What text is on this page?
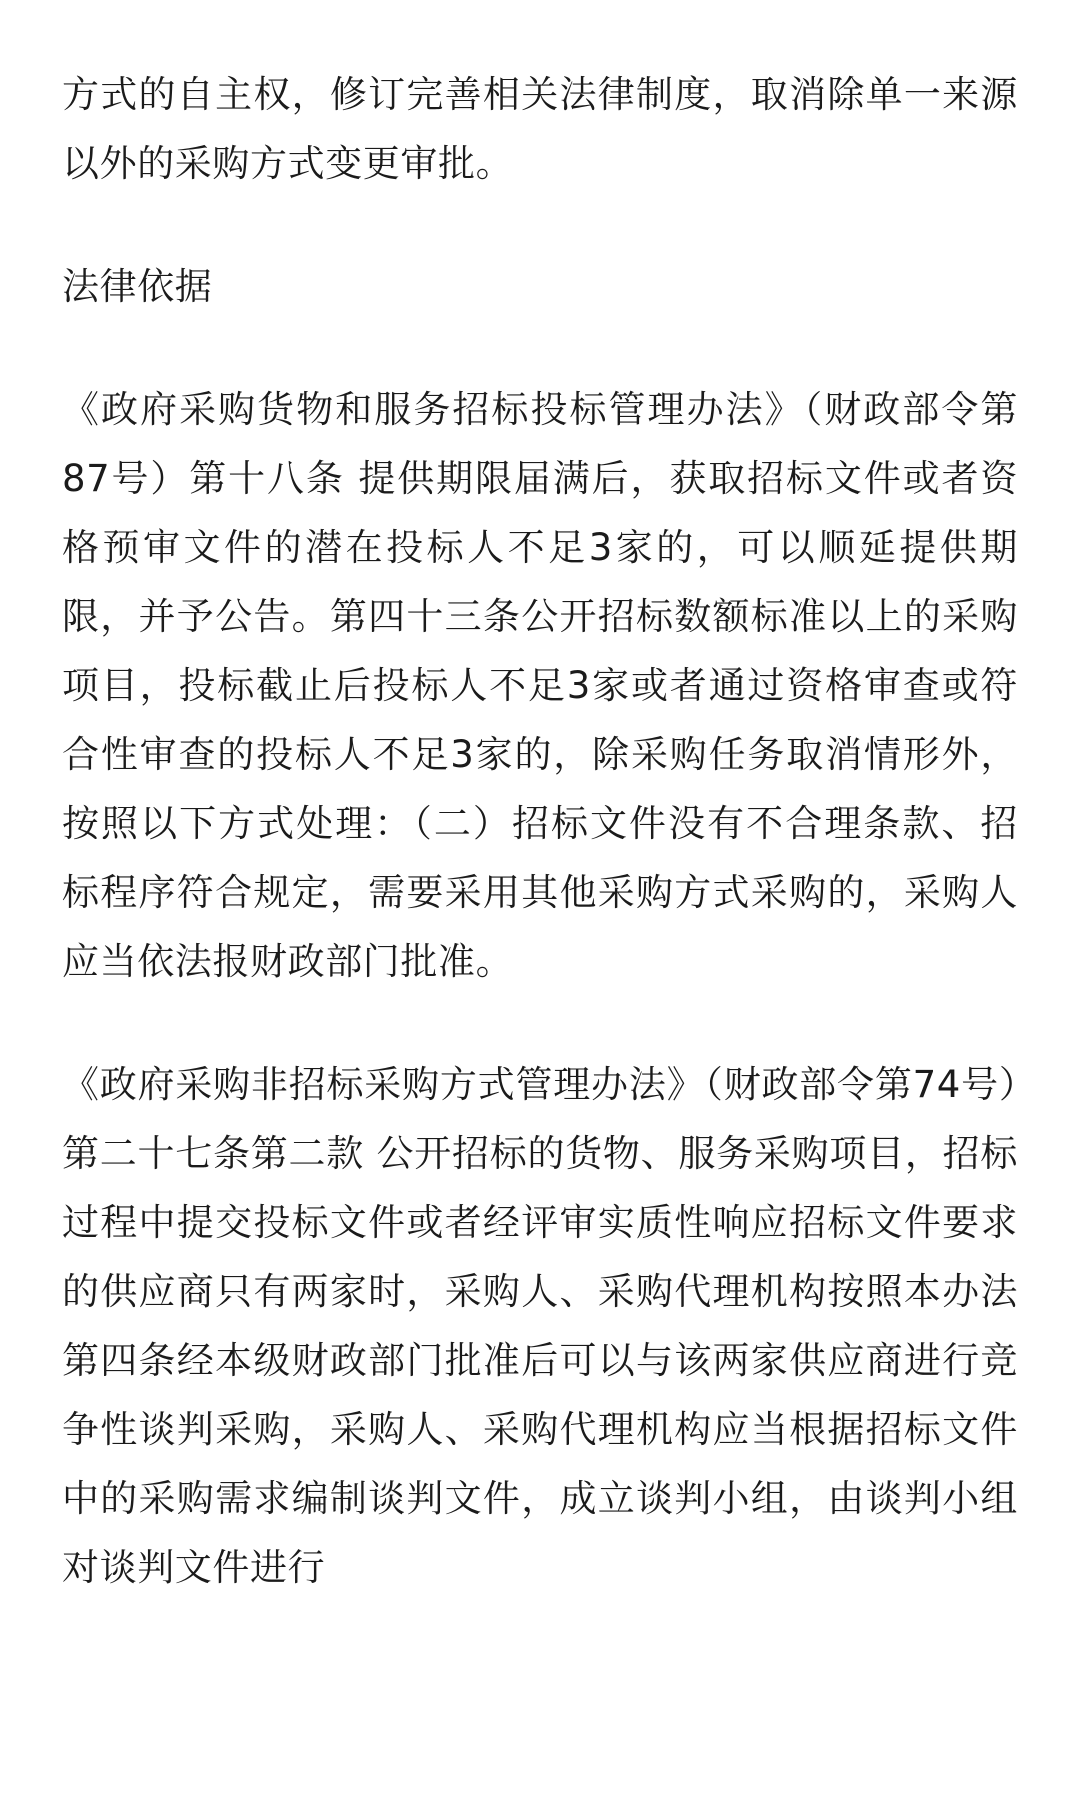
方式的自主权，修订完善相关法律制度，取消除单一来源以外的采购方式变更审批。

法律依据

《政府采购货物和服务招标投标管理办法》（财政部令第87号）第十八条 提供期限届满后，获取招标文件或者资格预审文件的潜在投标人不足3家的，可以顺延提供期限，并予公告。第四十三条公开招标数额标准以上的采购项目，投标截止后投标人不足3家或者通过资格审查或符合性审查的投标人不足3家的，除采购任务取消情形外，按照以下方式处理：（二）招标文件没有不合理条款、招标程序符合规定，需要采用其他采购方式采购的，采购人应当依法报财政部门批准。

《政府采购非招标采购方式管理办法》（财政部令第74号）第二十七条第二款 公开招标的货物、服务采购项目，招标过程中提交投标文件或者经评审实质性响应招标文件要求的供应商只有两家时，采购人、采购代理机构按照本办法第四条经本级财政部门批准后可以与该两家供应商进行竞争性谈判采购，采购人、采购代理机构应当根据招标文件中的采购需求编制谈判文件，成立谈判小组，由谈判小组对谈判文件进行
